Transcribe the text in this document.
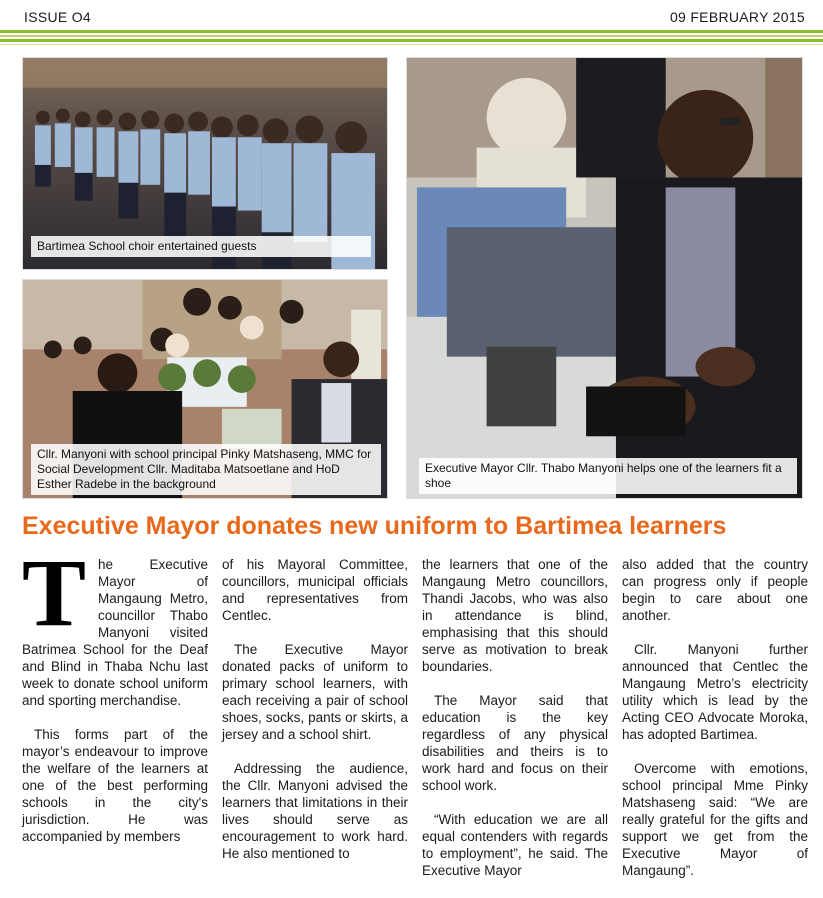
ISSUE O4	09 FEBRUARY 2015
Bartimea School choir entertained guests
Cllr. Manyoni with school principal Pinky Matshaseng, MMC for Social Development Cllr. Maditaba Matsoetlane and HoD Esther Radebe in the background
Executive Mayor Cllr. Thabo Manyoni helps one of the learners fit a shoe
Executive Mayor donates new uniform to Bartimea learners

The Executive Mayor of Mangaung Metro, councillor Thabo Manyoni visited Batrimea School for the Deaf and Blind in Thaba Nchu last week to donate school uniform and sporting merchandise.

This forms part of the mayor’s endeavour to improve the welfare of the learners at one of the best performing schools in the city's jurisdiction. He was accompanied by members

of his Mayoral Committee, councillors, municipal officials and representatives from Centlec.

The Executive Mayor donated packs of uniform to primary school learners, with each receiving a pair of school shoes, socks, pants or skirts, a jersey and a school shirt.

Addressing the audience, the Cllr. Manyoni advised the learners that limitations in their lives should serve as encouragement to work hard. He also mentioned to

the learners that one of the Mangaung Metro councillors, Thandi Jacobs, who was also in attendance is blind, emphasising that this should serve as motivation to break boundaries.

The Mayor said that education is the key regardless of any physical disabilities and theirs is to work hard and focus on their school work.

“With education we are all equal contenders with regards to employment”, he said. The Executive Mayor

also added that the country can progress only if people begin to care about one another.

Cllr. Manyoni further announced that Centlec the Mangaung Metro’s electricity utility which is lead by the Acting CEO Advocate Moroka, has adopted Bartimea.

Overcome with emotions, school principal Mme Pinky Matshaseng said: “We are really grateful for the gifts and support we get from the Executive Mayor of Mangaung”.
